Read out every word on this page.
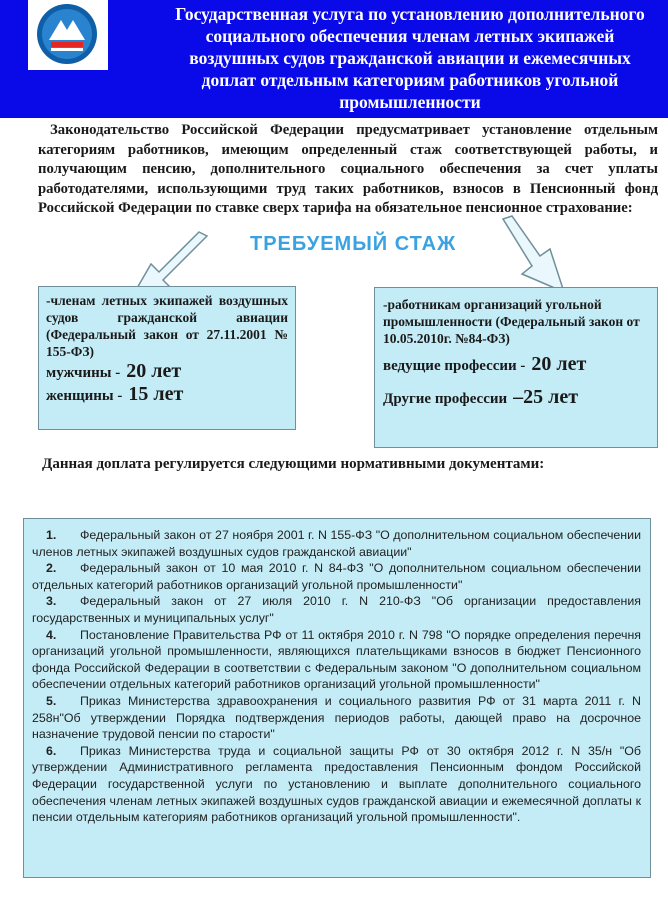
Государственная услуга по установлению дополнительного социального обеспечения членам летных экипажей воздушных судов гражданской авиации и ежемесячных доплат отдельным категориям работников угольной промышленности

Законодательство Российской Федерации предусматривает установление отдельным категориям работников, имеющим определенный стаж соответствующей работы, и получающим пенсию, дополнительного социального обеспечения за счет уплаты работодателями, использующими труд таких работников, взносов в Пенсионный фонд Российской Федерации по ставке сверх тарифа на обязательное пенсионное страхование:

ТРЕБУЕМЫЙ СТАЖ

-членам летных экипажей воздушных судов гражданской авиации (Федеральный закон от 27.11.2001 № 155-ФЗ)

мужчины - 20 лет

женщины - 15 лет

-работникам организаций угольной промышленности (Федеральный закон от 10.05.2010г. №84-ФЗ)

ведущие профессии - 20 лет

Другие профессии –25 лет

Данная доплата регулируется следующими нормативными документами:

1. Федеральный закон от 27 ноября 2001 г. N 155-ФЗ "О дополнительном социальном обеспечении членов летных экипажей воздушных судов гражданской авиации"
2. Федеральный закон от 10 мая 2010 г. N 84-ФЗ "О дополнительном социальном обеспечении отдельных категорий работников организаций угольной промышленности"
3. Федеральный закон от 27 июля 2010 г. N 210-ФЗ "Об организации предоставления государственных и муниципальных услуг"
4. Постановление Правительства РФ от 11 октября 2010 г. N 798 "О порядке определения перечня организаций угольной промышленности, являющихся плательщиками взносов в бюджет Пенсионного фонда Российской Федерации в соответствии с Федеральным законом "О дополнительном социальном обеспечении отдельных категорий работников организаций угольной промышленности"
5. Приказ Министерства здравоохранения и социального развития РФ от 31 марта 2011 г. N 258н"Об утверждении Порядка подтверждения периодов работы, дающей право на досрочное назначение трудовой пенсии по старости"
6. Приказ Министерства труда и социальной защиты РФ от 30 октября 2012 г. N 35/н "Об утверждении Административного регламента предоставления Пенсионным фондом Российской Федерации государственной услуги по установлению и выплате дополнительного социального обеспечения членам летных экипажей воздушных судов гражданской авиации и ежемесячной доплаты к пенсии отдельным категориям работников организаций угольной промышленности".
